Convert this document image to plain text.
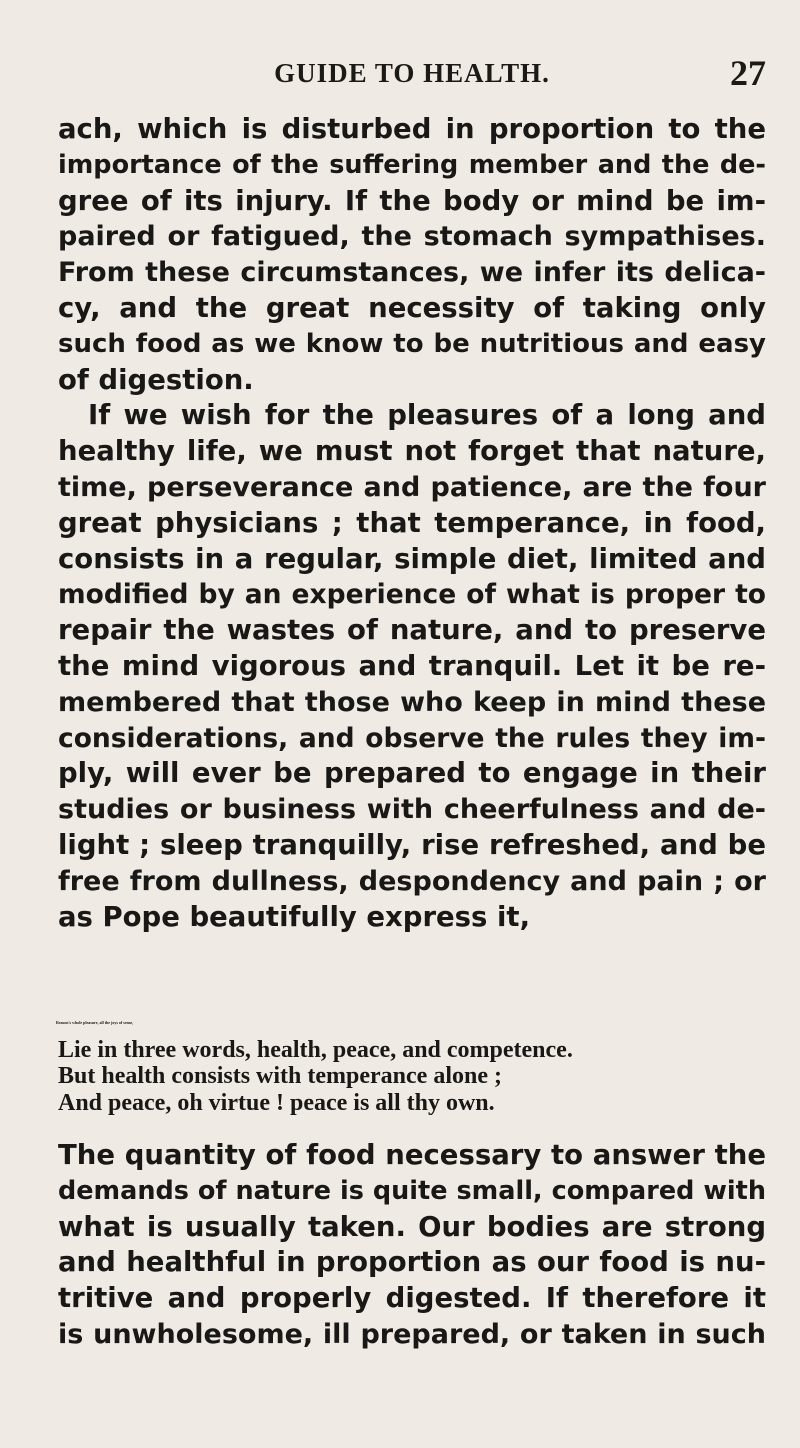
GUIDE TO HEALTH.	27
ach, which is disturbed in proportion to the
importance of the suffering member and the de-
gree of its injury. If the body or mind be im-
paired or fatigued, the stomach sympathises.
From these circumstances, we infer its delica-
cy, and the great necessity of taking only
such food as we know to be nutritious and easy
of digestion.
If we wish for the pleasures of a long and
healthy life, we must not forget that nature,
time, perseverance and patience, are the four
great physicians ; that temperance, in food,
consists in a regular, simple diet, limited and
modified by an experience of what is proper to
repair the wastes of nature, and to preserve
the mind vigorous and tranquil. Let it be re-
membered that those who keep in mind these
considerations, and observe the rules they im-
ply, will ever be prepared to engage in their
studies or business with cheerfulness and de-
light ; sleep tranquilly, rise refreshed, and be
free from dullness, despondency and pain ; or
as Pope beautifully express it,
Reason's whole pleasure, all the joys of sense,
Lie in three words, health, peace, and competence.
But health consists with temperance alone ;
And peace, oh virtue ! peace is all thy own.
The quantity of food necessary to answer the
demands of nature is quite small, compared with
what is usually taken. Our bodies are strong
and healthful in proportion as our food is nu-
tritive and properly digested. If therefore it
is unwholesome, ill prepared, or taken in such
